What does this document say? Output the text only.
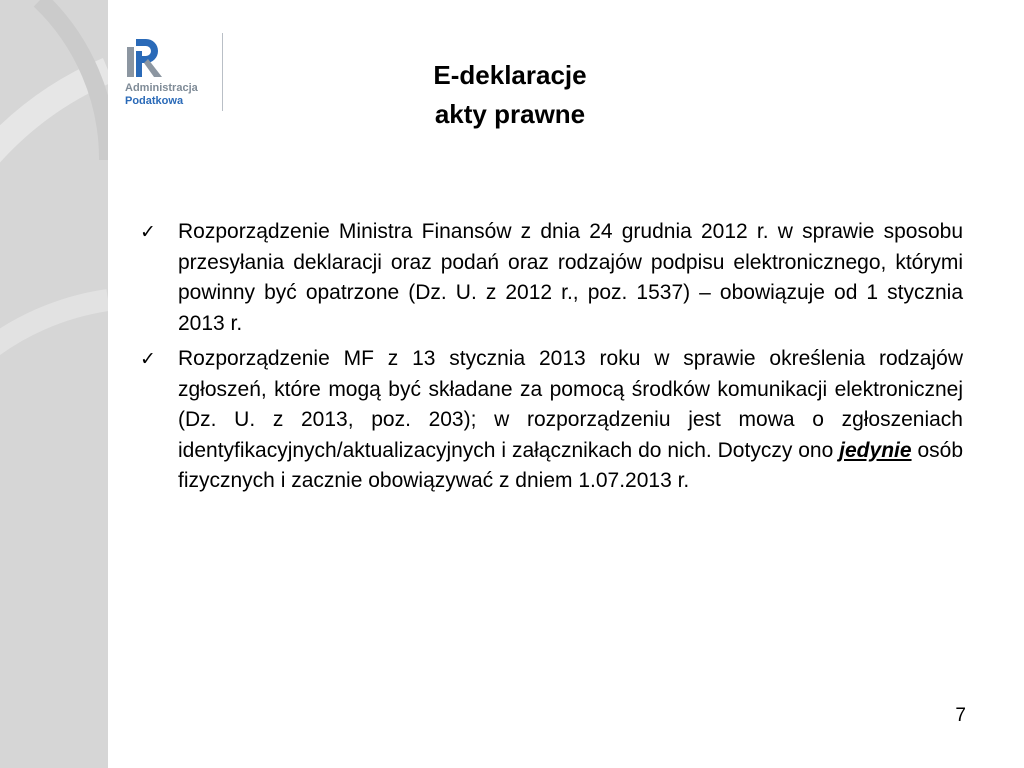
Administracja
Podatkowa
E-deklaracje
akty prawne
✓ Rozporządzenie Ministra Finansów z dnia 24 grudnia 2012 r. w sprawie sposobu przesyłania deklaracji oraz podań oraz rodzajów podpisu elektronicznego, którymi powinny być opatrzone (Dz. U. z 2012 r., poz. 1537) – obowiązuje od 1 stycznia 2013 r.
✓ Rozporządzenie MF z 13 stycznia 2013 roku w sprawie określenia rodzajów zgłoszeń, które mogą być składane za pomocą środków komunikacji elektronicznej (Dz. U. z 2013, poz. 203); w rozporządzeniu jest mowa o zgłoszeniach identyfikacyjnych/aktualizacyjnych i załącznikach do nich. Dotyczy ono jedynie osób fizycznych i zacznie obowiązywać z dniem 1.07.2013 r.
7
